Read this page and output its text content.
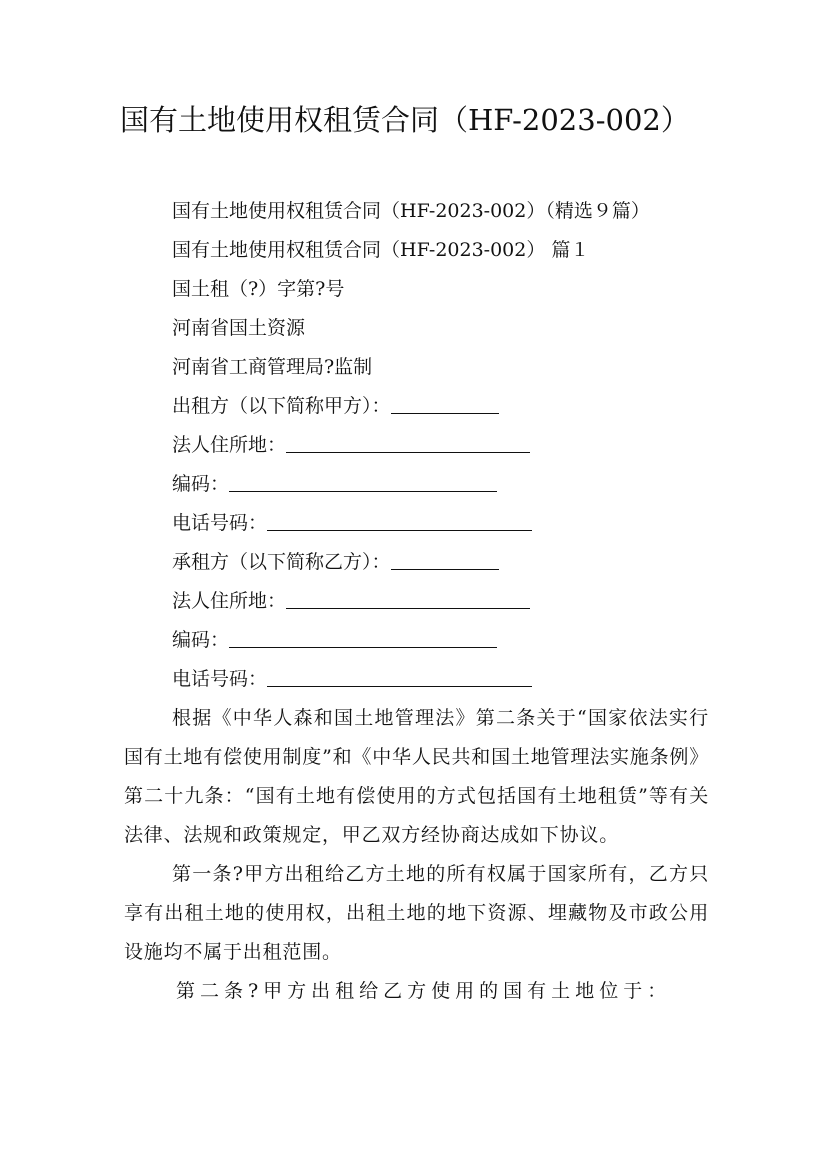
国有土地使用权租赁合同（HF-2023-002）
国有土地使用权租赁合同（HF-2023-002）（精选９篇）
国有土地使用权租赁合同（HF-2023-002） 篇１
国土租（?）字第?号
河南省国土资源
河南省工商管理局?监制
出租方（以下简称甲方）：
法人住所地：
编码：
电话号码：
承租方（以下简称乙方）：
法人住所地：
编码：
电话号码：

根据《中华人森和国土地管理法》第二条关于“国家依法实行国有土地有偿使用制度”和《中华人民共和国土地管理法实施条例》第二十九条：“国有土地有偿使用的方式包括国有土地租赁”等有关法律、法规和政策规定，甲乙双方经协商达成如下协议。

第一条?甲方出租给乙方土地的所有权属于国家所有，乙方只享有出租土地的使用权，出租土地的地下资源、埋藏物及市政公用设施均不属于出租范围。

第二条?甲方出租给乙方使用的国有土地位于：
